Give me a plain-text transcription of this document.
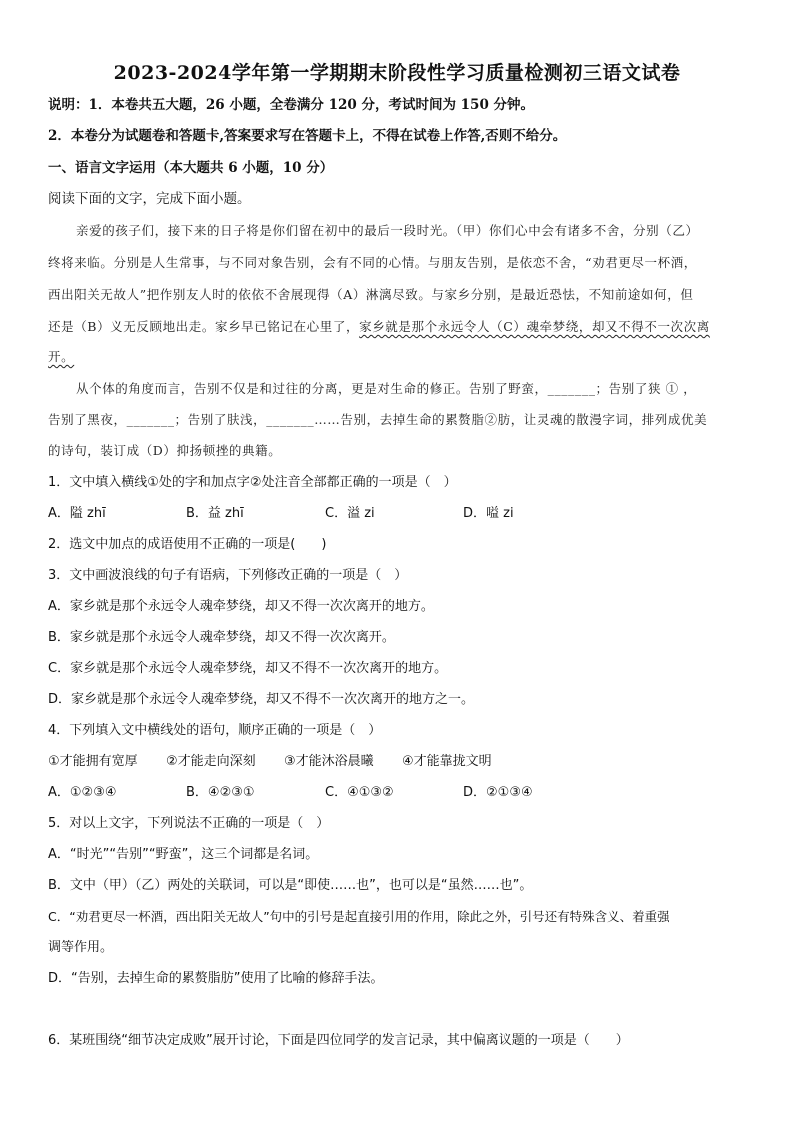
2023-2024学年第一学期期末阶段性学习质量检测初三语文试卷
说明：1．本卷共五大题，26 小题，全卷满分 120 分，考试时间为 150 分钟。
2．本卷分为试题卷和答题卡,答案要求写在答题卡上，不得在试卷上作答,否则不给分。
一、语言文字运用（本大题共 6 小题，10 分）
阅读下面的文字，完成下面小题。
亲爱的孩子们，接下来的日子将是你们留在初中的最后一段时光。（甲）你们心中会有诸多不舍，分别（乙）
终将来临。分别是人生常事，与不同对象告别，会有不同的心情。与朋友告别，是依恋不舍，“劝君更尽一杯酒，
西出阳关无故人”把作别友人时的依依不舍展现得（A）淋漓尽致。与家乡分别，是最近恐怯，不知前途如何，但
还是（B）义无反顾地出走。家乡早已铭记在心里了，家乡就是那个永远令人（C）魂牵梦绕，却又不得不一次次离
开。
从个体的角度而言，告别不仅是和过往的分离，更是对生命的修正。告别了野蛮，_______；告别了狭 ① ，
告别了黑夜，_______；告别了肤浅，_______……告别，去掉生命的累赘脂②肪，让灵魂的散漫字词，排列成优美
的诗句，装订成（D）抑扬顿挫的典籍。
1．文中填入横线①处的字和加点字②处注音全部都正确的一项是（　）
A．隘 zhī	B．益 zhī	C．溢 zi	D．嗌 zi
2．选文中加点的成语使用不正确的一项是(　　)
3．文中画波浪线的句子有语病，下列修改正确的一项是（　）
A．家乡就是那个永远令人魂牵梦绕，却又不得一次次离开的地方。
B．家乡就是那个永远令人魂牵梦绕，却又不得一次次离开。
C．家乡就是那个永远令人魂牵梦绕，却又不得不一次次离开的地方。
D．家乡就是那个永远令人魂牵梦绕，却又不得不一次次离开的地方之一。
4．下列填入文中横线处的语句，顺序正确的一项是（　）
①才能拥有宽厚 ②才能走向深刻 ③才能沐浴晨曦 ④才能靠拢文明
A．①②③④	B．④②③①	C．④①③②	D．②①③④
5．对以上文字，下列说法不正确的一项是（　）
A．“时光”“告别”“野蛮”，这三个词都是名词。
B．文中（甲）（乙）两处的关联词，可以是“即使……也”，也可以是“虽然……也”。
C．“劝君更尽一杯酒，西出阳关无故人”句中的引号是起直接引用的作用，除此之外，引号还有特殊含义、着重强
调等作用。
D．“告别，去掉生命的累赘脂肪”使用了比喻的修辞手法。
6．某班围绕“细节决定成败”展开讨论，下面是四位同学的发言记录，其中偏离议题的一项是（　　）
